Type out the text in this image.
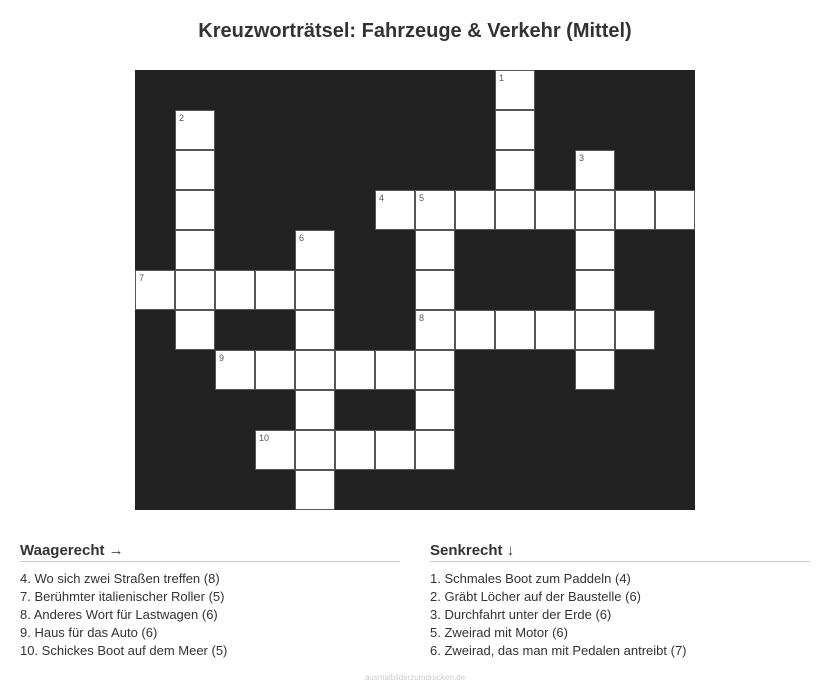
Kreuzworträtsel: Fahrzeuge & Verkehr (Mittel)
1
2
3
4	5
6
7
8
9
10
Waagerecht →
4. Wo sich zwei Straßen treffen (8)
7. Berühmter italienischer Roller (5)
8. Anderes Wort für Lastwagen (6)
9. Haus für das Auto (6)
10. Schickes Boot auf dem Meer (5)
Senkrecht ↓
1. Schmales Boot zum Paddeln (4)
2. Gräbt Löcher auf der Baustelle (6)
3. Durchfahrt unter der Erde (6)
5. Zweirad mit Motor (6)
6. Zweirad, das man mit Pedalen antreibt (7)
ausmalbilderzumdrucken.de
